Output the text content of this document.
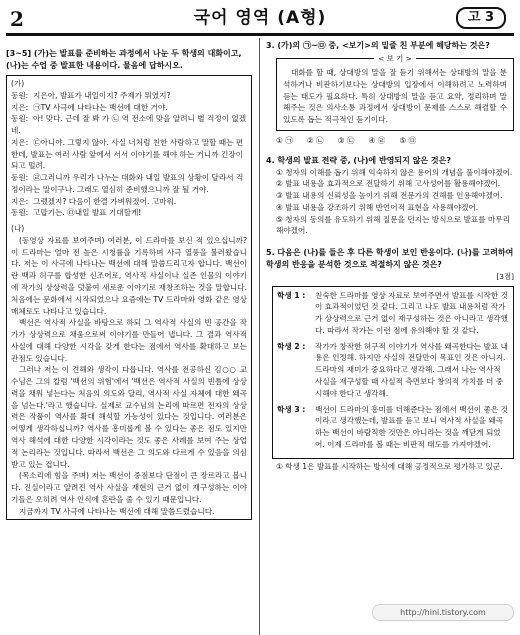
2	국어 영역 (A형)	고 3

[3~5] (가)는 발표를 준비하는 과정에서 나눈 두 학생의 대화이고, (나)는 수업 중 발표한 내용이다. 물음에 답하시오.

(가)

동원: 지은아, 발표가 내일이지? 주제가 뭐였지?

지은: ㉠TV 사극에 나타나는 백선에 대한 거야.

동원: 아! 맞다. 근데 잘 봐 가 ㉡ 역 전소에 맞을 알려니 별 걱정이 없겠네.

지은: ㉢아니야. 그렇지 않아. 사실 너처럼 친한 사람하고 말할 때는 편한데, 발표는 여러 사람 앞에서 서서 이야기를 해야 하는 거니까 긴장이 되고 떨려.

동원: ㉣그러니까 우리가 나누는 대화와 내일 발표의 상황이 달라서 걱정이라는 말이구나. 그래도 열심히 준비했으니까 잘 될 거야.

지은: 그랬겠지? 다음이 한결 가벼워졌어. 고마워.

동원: 고맙기는. ㉤내일 발표 기대할게!

(나)

(동영상 자료를 보여주며) 여러분, 이 드라마를 보신 적 있으십니까? 이 드라마는 얼마 전 높은 시청률을 기록하며 사극 열풍을 불러왔습니다. 저는 이 사극에 나타나는 백선에 대해 말씀드리고자 합니다. 백선이란 백과 허구를 합성한 신조어로, 역사적 사실이나 실존 인물의 이야기에 작가의 상상력을 덧붙여 새로운 이야기로 재창조하는 것을 말합니다. 처음에는 문화에서 시작되었으나 요즘에는 TV 드라마와 영화 같은 영상 매체로도 나타나고 있습니다.

백선은 역사적 사실을 바탕으로 하되 그 역사적 사실의 빈 공간을 작가가 상상력으로 채움으로써 이야기를 만들어 냅니다. 그 결과 역사적 사실에 대해 다양한 시각을 갖게 한다는 점에서 역사를 확대하고 보는 관점도 있습니다.

그러나 저는 이 견해와 생각이 다릅니다. 역사를 전공하신 김○○ 교수님은 그의 칼럼 '백선의 위험'에서 '백선은 역사적 사실의 빈틈에 상상력을 채워 넣는다는 처음의 의도와 달리, 역사적 사실 자체에 대한 왜곡을 넘는다.'라고 했습니다. 실제로 교수님의 논리에 따르면 전자의 상상력은 작품이 역사를 확대 해석할 가능성이 있다는 것입니다. 여러분은 어떻게 생각하십니까? 역사를 흥미롭게 볼 수 있다는 좋은 점도 있지만 역사 해석에 대한 다양한 시각이라는 것도 좋은 사례를 보여 주는 상업적 논리라는 것입니다. 따라서 백선은 그 의도와 다르게 수 있음을 의심받고 있는 겁니다.

(목소리에 힘을 주며) 저는 백선이 중점보다 단점이 큰 장르라고 봅니다. 진실이라고 알려진 역사 사실을 재현의 근거 없이 재구성하는 이야기들은 오히려 역사 인식에 혼란을 줄 수 있기 때문입니다.

지금까지 TV 사극에 나타나는 백선에 대해 말씀드렸습니다.

3. (가)의 ㉠~㉤ 중, <보기>의 밑줄 친 부분에 해당하는 것은?

< 보 기 >

대화를 할 때, 상대방의 말을 잘 듣기 위해서는 상대방의 말을 분석하거나 비판하기보다는 상대방의 입장에서 이해하려고 노력하며 듣는 태도가 필요하다. 특히 상대방의 말을 듣고 요약, 정리하며 말해주는 것은 의사소통 과정에서 상대방이 문제를 스스로 해결할 수 있도록 돕는 적극적인 듣기이다.

① ㉠ ② ㉡ ③ ㉢ ④ ㉣ ⑤ ㉤

4. 학생의 발표 전략 중, (나)에 반영되지 않은 것은?

① 청자의 이해를 돕기 위해 익숙하지 않은 용어의 개념을 풀이해야겠어.

② 발표 내용을 효과적으로 전달하기 위해 고사성어를 활용해야겠어.

③ 발표 내용의 신뢰성을 높이기 위해 전문가의 견해를 인용해야겠어.

④ 발표 내용을 강조하기 위해 반언어적 표현을 사용해야겠어.

⑤ 청자의 동의를 유도하기 위해 질문을 던지는 방식으로 발표를 마무리해야겠어.

5. 다음은 (나)를 들은 후 다른 학생이 보인 반응이다. (나)를 고려하여 학생의 반응을 분석한 것으로 적절하지 않은 것은?

[3점]

학생 1 :	친숙한 드라마를 영상 자료로 보여주면서 발표를 시작한 것이 효과적이었던 것 같다. 그리고 나도 발표 내용처럼 작가가 상상력으로 근거 없이 재구성하는 것은 아니라고 생각했다. 따라서 작가는 이런 점에 유의해야 할 것 같다.
학생 2 :	작가가 창작한 허구적 이야기가 역사를 왜곡한다는 발표 내용은 인정해. 하지만 사실의 전달만이 목표인 것은 아니지. 드라마의 재미가 중요하다고 생각해. 그래서 나는 역사적 사실을 재구성할 때 사실적 측면보다 창의적 가치를 더 중시해야 한다고 생각해.
학생 3 :	백선이 드라마의 흥미를 더해준다는 점에서 백선이 좋은 것이라고 생각했는데, 발표를 듣고 보니 역사적 사실을 왜곡하는 백선이 바람직한 것만은 아니라는 것을 깨닫게 되었어. 이제 드라마를 볼 때는 비판적 태도를 가져야겠어.

① 학생 1은 발표를 시작하는 방식에 대해 긍정적으로 평가하고 있군.

http://hini.tistory.com
